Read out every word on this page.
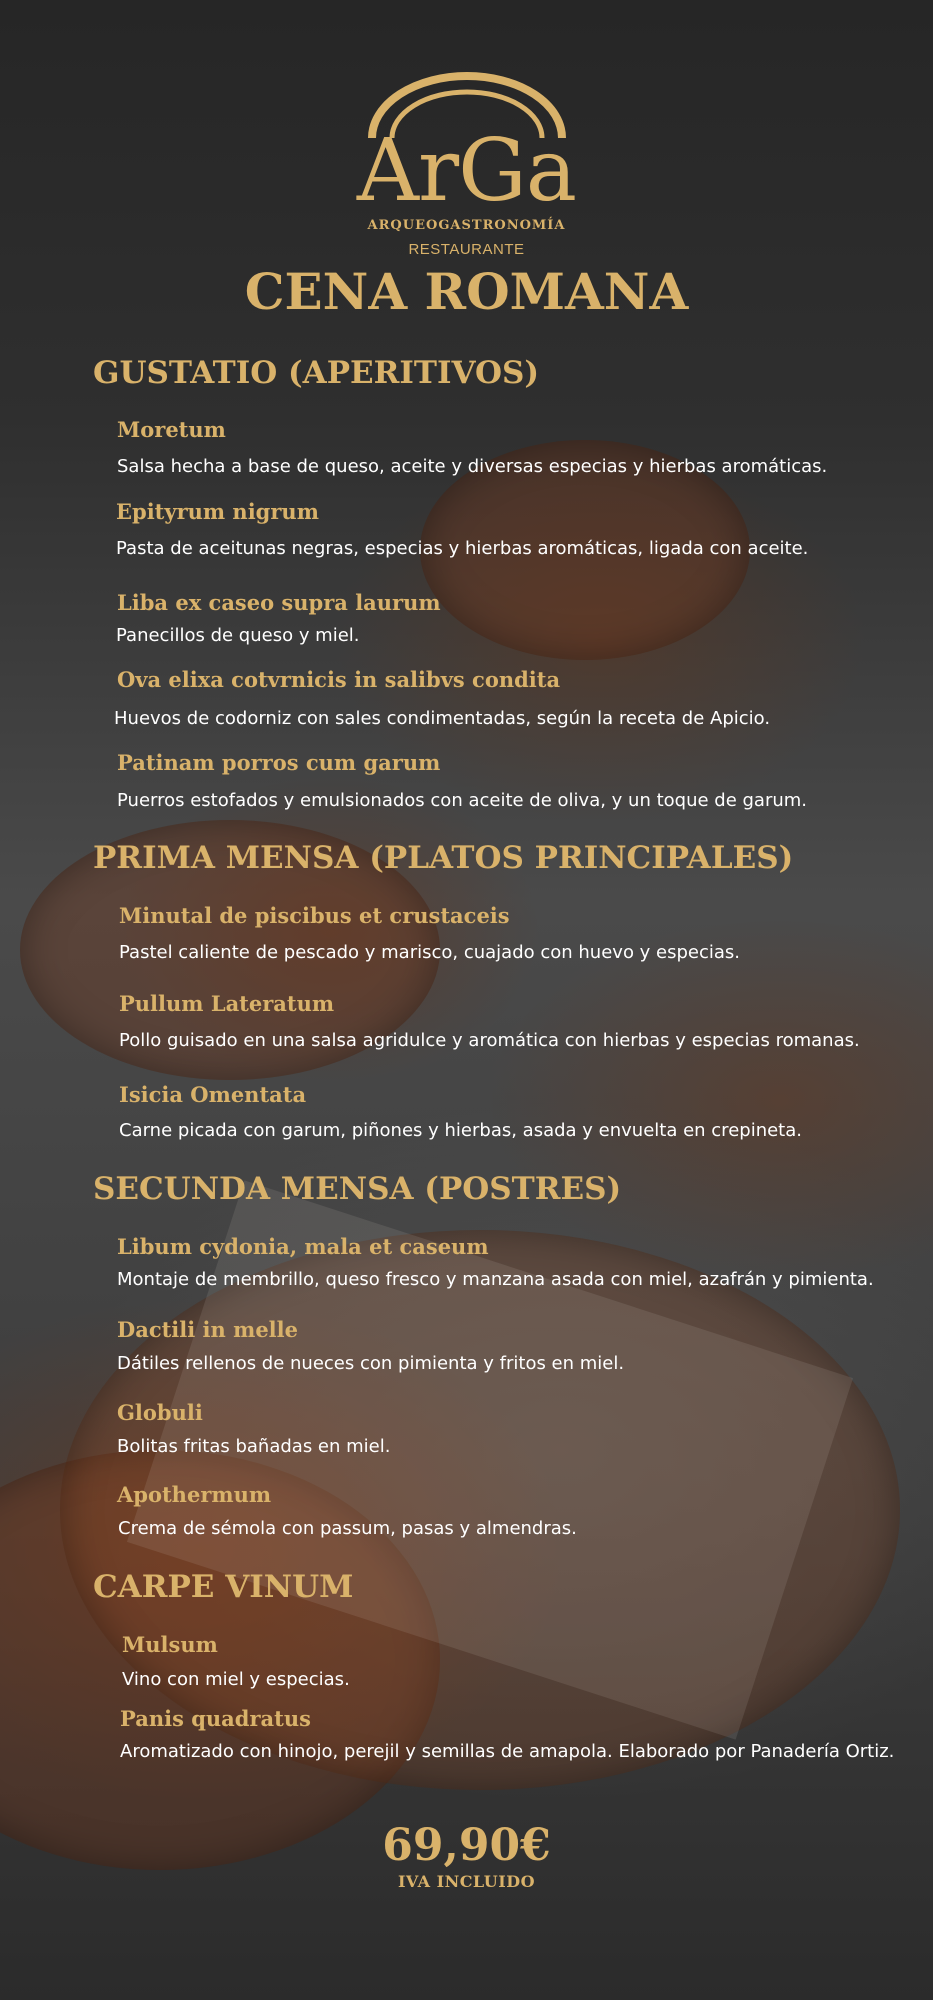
ArGa
ARQUEOGASTRONOMÍA
RESTAURANTE
CENA ROMANA
GUSTATIO (APERITIVOS)
Moretum
Salsa hecha a base de queso, aceite y diversas especias y hierbas aromáticas.
Epityrum nigrum
Pasta de aceitunas negras, especias y hierbas aromáticas, ligada con aceite.
Liba ex caseo supra laurum
Panecillos de queso y miel.
Ova elixa cotvrnicis in salibvs condita
Huevos de codorniz con sales condimentadas, según la receta de Apicio.
Patinam porros cum garum
Puerros estofados y emulsionados con aceite de oliva, y un toque de garum.
PRIMA MENSA (PLATOS PRINCIPALES)
Minutal de piscibus et crustaceis
Pastel caliente de pescado y marisco, cuajado con huevo y especias.
Pullum Lateratum
Pollo guisado en una salsa agridulce y aromática con hierbas y especias romanas.
Isicia Omentata
Carne picada con garum, piñones y hierbas, asada y envuelta en crepineta.
SECUNDA MENSA (POSTRES)
Libum cydonia, mala et caseum
Montaje de membrillo, queso fresco y manzana asada con miel, azafrán y pimienta.
Dactili in melle
Dátiles rellenos de nueces con pimienta y fritos en miel.
Globuli
Bolitas fritas bañadas en miel.
Apothermum
Crema de sémola con passum, pasas y almendras.
CARPE VINUM
Mulsum
Vino con miel y especias.
Panis quadratus
Aromatizado con hinojo, perejil y semillas de amapola. Elaborado por Panadería Ortiz.
69,90€
IVA INCLUIDO
